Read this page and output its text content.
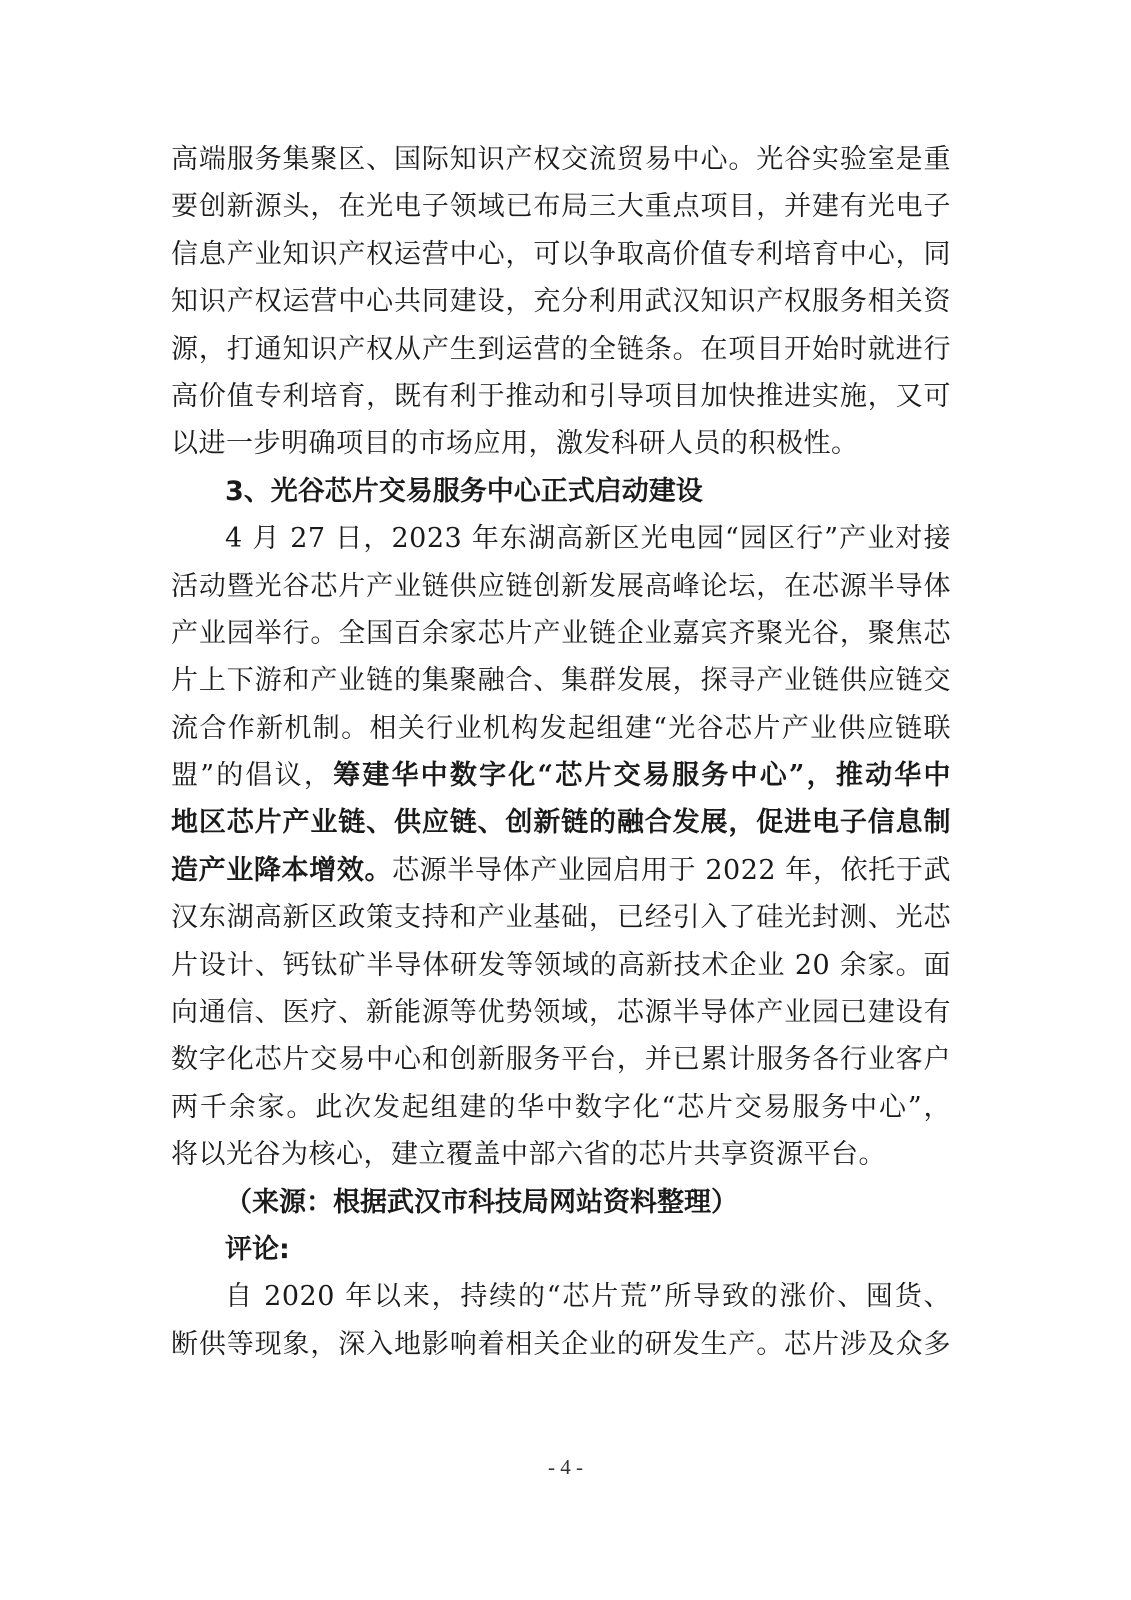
高端服务集聚区、国际知识产权交流贸易中心。光谷实验室是重
要创新源头，在光电子领域已布局三大重点项目，并建有光电子
信息产业知识产权运营中心，可以争取高价值专利培育中心，同
知识产权运营中心共同建设，充分利用武汉知识产权服务相关资
源，打通知识产权从产生到运营的全链条。在项目开始时就进行
高价值专利培育，既有利于推动和引导项目加快推进实施，又可
以进一步明确项目的市场应用，激发科研人员的积极性。
3、光谷芯片交易服务中心正式启动建设
4 月 27 日，2023 年东湖高新区光电园“园区行”产业对接
活动暨光谷芯片产业链供应链创新发展高峰论坛，在芯源半导体
产业园举行。全国百余家芯片产业链企业嘉宾齐聚光谷，聚焦芯
片上下游和产业链的集聚融合、集群发展，探寻产业链供应链交
流合作新机制。相关行业机构发起组建“光谷芯片产业供应链联
盟”的倡议，筹建华中数字化“芯片交易服务中心”，推动华中
地区芯片产业链、供应链、创新链的融合发展，促进电子信息制
造产业降本增效。芯源半导体产业园启用于 2022 年，依托于武
汉东湖高新区政策支持和产业基础，已经引入了硅光封测、光芯
片设计、钙钛矿半导体研发等领域的高新技术企业 20 余家。面
向通信、医疗、新能源等优势领域，芯源半导体产业园已建设有
数字化芯片交易中心和创新服务平台，并已累计服务各行业客户
两千余家。此次发起组建的华中数字化“芯片交易服务中心”，
将以光谷为核心，建立覆盖中部六省的芯片共享资源平台。
（来源：根据武汉市科技局网站资料整理）
评论:
自 2020 年以来，持续的“芯片荒”所导致的涨价、囤货、
断供等现象，深入地影响着相关企业的研发生产。芯片涉及众多
- 4 -
